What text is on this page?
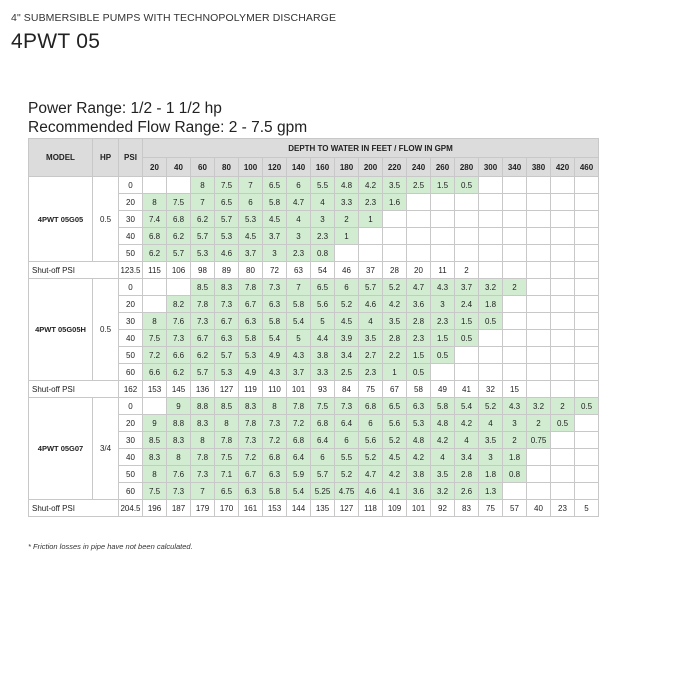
4" SUBMERSIBLE PUMPS WITH TECHNOPOLYMER DISCHARGE
4PWT 05
Power Range: 1/2 - 1 1/2 hp
Recommended Flow Range: 2 - 7.5 gpm
MODEL	HP	PSI	DEPTH TO WATER IN FEET / FLOW IN GPM																		
			20	40	60	80	100	120	140	160	180	200	220	240	260	280	300	340	380	420	460
4PWT 05G05	0.5	0			8	7.5	7	6.5	6	5.5	4.8	4.2	3.5	2.5	1.5	0.5					
		20	8	7.5	7	6.5	6	5.8	4.7	4	3.3	2.3	1.6								
		30	7.4	6.8	6.2	5.7	5.3	4.5	4	3	2	1									
		40	6.8	6.2	5.7	5.3	4.5	3.7	3	2.3	1										
		50	6.2	5.7	5.3	4.6	3.7	3	2.3	0.8											
Shut-off PSI		123.5	115	106	98	89	80	72	63	54	46	37	28	20	11	2					
4PWT 05G05H	0.5	0			8.5	8.3	7.8	7.3	7	6.5	6	5.7	5.2	4.7	4.3	3.7	3.2	2			
		20		8.2	7.8	7.3	6.7	6.3	5.8	5.6	5.2	4.6	4.2	3.6	3	2.4	1.8				
		30	8	7.6	7.3	6.7	6.3	5.8	5.4	5	4.5	4	3.5	2.8	2.3	1.5	0.5				
		40	7.5	7.3	6.7	6.3	5.8	5.4	5	4.4	3.9	3.5	2.8	2.3	1.5	0.5					
		50	7.2	6.6	6.2	5.7	5.3	4.9	4.3	3.8	3.4	2.7	2.2	1.5	0.5						
		60	6.6	6.2	5.7	5.3	4.9	4.3	3.7	3.3	2.5	2.3	1	0.5							
Shut-off PSI		162	153	145	136	127	119	110	101	93	84	75	67	58	49	41	32	15			
4PWT 05G07	3/4	0		9	8.8	8.5	8.3	8	7.8	7.5	7.3	6.8	6.5	6.3	5.8	5.4	5.2	4.3	3.2	2	0.5
		20	9	8.8	8.3	8	7.8	7.3	7.2	6.8	6.4	6	5.6	5.3	4.8	4.2	4	3	2	0.5	
		30	8.5	8.3	8	7.8	7.3	7.2	6.8	6.4	6	5.6	5.2	4.8	4.2	4	3.5	2	0.75		
		40	8.3	8	7.8	7.5	7.2	6.8	6.4	6	5.5	5.2	4.5	4.2	4	3.4	3	1.8			
		50	8	7.6	7.3	7.1	6.7	6.3	5.9	5.7	5.2	4.7	4.2	3.8	3.5	2.8	1.8	0.8			
		60	7.5	7.3	7	6.5	6.3	5.8	5.4	5.25	4.75	4.6	4.1	3.6	3.2	2.6	1.3				
Shut-off PSI		204.5	196	187	179	170	161	153	144	135	127	118	109	101	92	83	75	57	40	23	5
* Friction losses in pipe have not been calculated.
